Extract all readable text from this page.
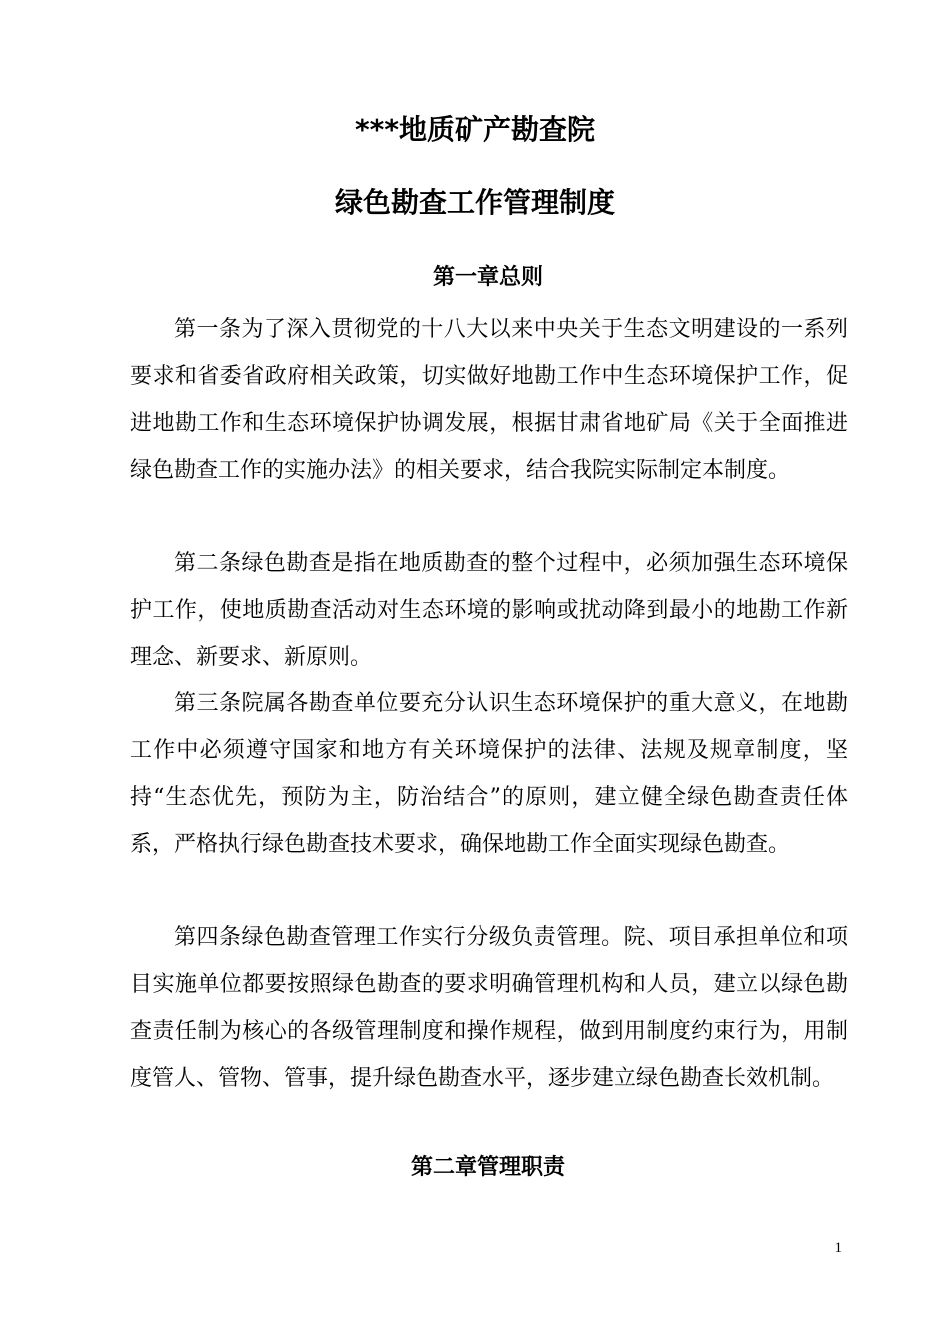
***地质矿产勘查院
绿色勘查工作管理制度
第一章总则

第一条为了深入贯彻党的十八大以来中央关于生态文明建设的一系列要求和省委省政府相关政策，切实做好地勘工作中生态环境保护工作，促进地勘工作和生态环境保护协调发展，根据甘肃省地矿局《关于全面推进绿色勘查工作的实施办法》的相关要求，结合我院实际制定本制度。

第二条绿色勘查是指在地质勘查的整个过程中，必须加强生态环境保护工作，使地质勘查活动对生态环境的影响或扰动降到最小的地勘工作新理念、新要求、新原则。

第三条院属各勘查单位要充分认识生态环境保护的重大意义，在地勘工作中必须遵守国家和地方有关环境保护的法律、法规及规章制度，坚持“生态优先，预防为主，防治结合”的原则，建立健全绿色勘查责任体系，严格执行绿色勘查技术要求，确保地勘工作全面实现绿色勘查。

第四条绿色勘查管理工作实行分级负责管理。院、项目承担单位和项目实施单位都要按照绿色勘查的要求明确管理机构和人员，建立以绿色勘查责任制为核心的各级管理制度和操作规程，做到用制度约束行为，用制度管人、管物、管事，提升绿色勘查水平，逐步建立绿色勘查长效机制。

第二章管理职责
1
